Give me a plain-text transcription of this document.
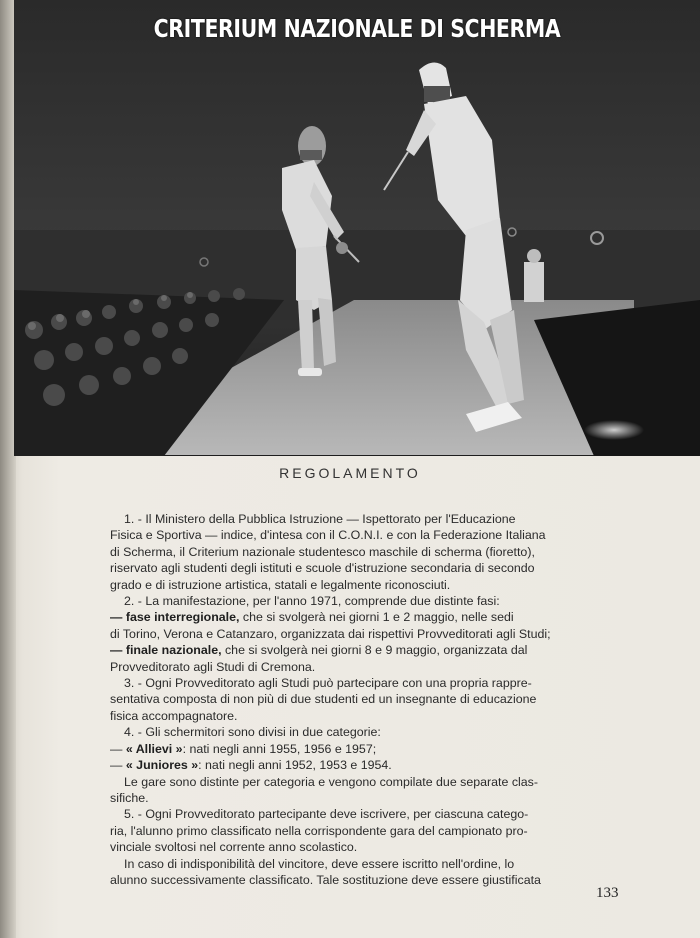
CRITERIUM NAZIONALE DI SCHERMA
REGOLAMENTO

1. - Il Ministero della Pubblica Istruzione — Ispettorato per l'Educazione

Fisica e Sportiva — indice, d'intesa con il C.O.N.I. e con la Federazione Italiana

di Scherma, il Criterium nazionale studentesco maschile di scherma (fioretto),

riservato agli studenti degli istituti e scuole d'istruzione secondaria di secondo

grado e di istruzione artistica, statali e legalmente riconosciuti.

2. - La manifestazione, per l'anno 1971, comprende due distinte fasi:

— fase interregionale, che si svolgerà nei giorni 1 e 2 maggio, nelle sedi

di Torino, Verona e Catanzaro, organizzata dai rispettivi Provveditorati agli Studi;

— finale nazionale, che si svolgerà nei giorni 8 e 9 maggio, organizzata dal

Provveditorato agli Studi di Cremona.

3. - Ogni Provveditorato agli Studi può partecipare con una propria rappre-

sentativa composta di non più di due studenti ed un insegnante di educazione

fisica accompagnatore.

4. - Gli schermitori sono divisi in due categorie:

— « Allievi »: nati negli anni 1955, 1956 e 1957;

— « Juniores »: nati negli anni 1952, 1953 e 1954.

Le gare sono distinte per categoria e vengono compilate due separate clas-

sifiche.

5. - Ogni Provveditorato partecipante deve iscrivere, per ciascuna catego-

ria, l'alunno primo classificato nella corrispondente gara del campionato pro-

vinciale svoltosi nel corrente anno scolastico.

In caso di indisponibilità del vincitore, deve essere iscritto nell'ordine, lo

alunno successivamente classificato. Tale sostituzione deve essere giustificata

133
